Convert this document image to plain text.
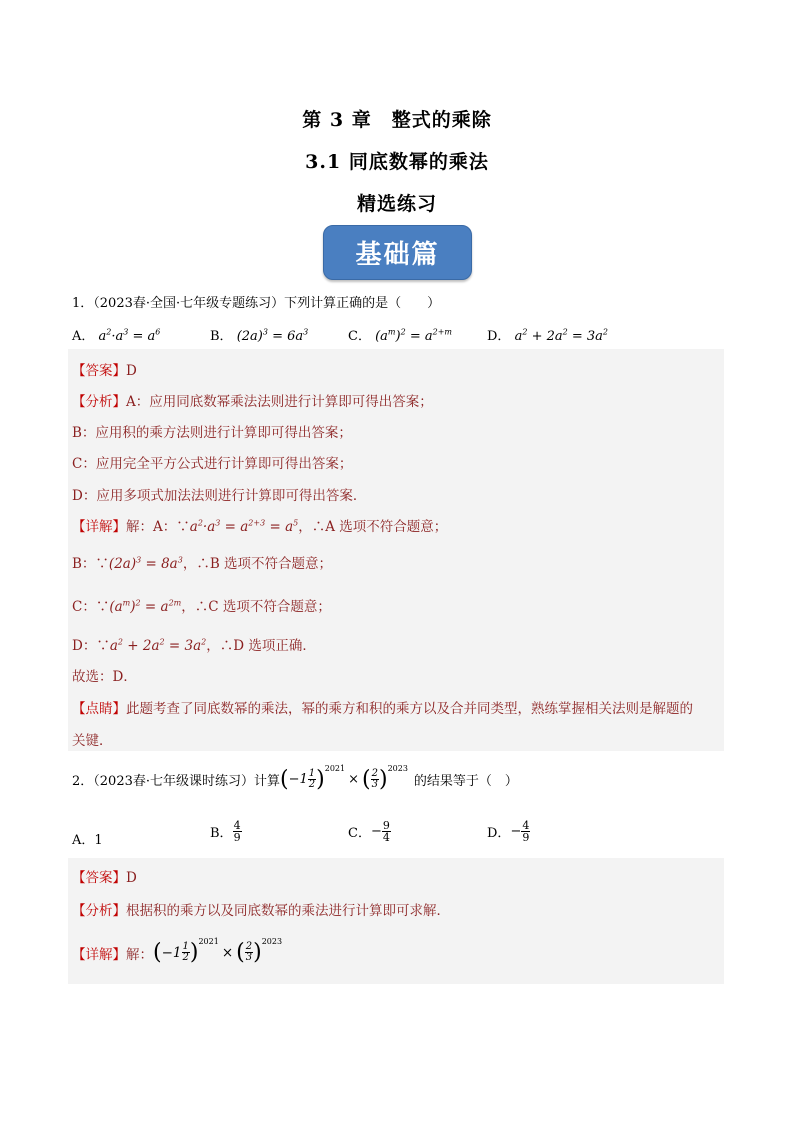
第 3 章　整式的乘除
3.1 同底数幂的乘法
精选练习
基础篇
1．（2023春·全国·七年级专题练习）下列计算正确的是（　　）
A． $a^2\cdot a^3 = a^6$	B． $(2a)^3 = 6a^3$	C． $(a^m)^2 = a^{2+m}$	D． $a^2 + 2a^2 = 3a^2$
【答案】D
【分析】A：应用同底数幂乘法法则进行计算即可得出答案；
B：应用积的乘方法则进行计算即可得出答案；
C：应用完全平方公式进行计算即可得出答案；
D：应用多项式加法法则进行计算即可得出答案．
【详解】解：A：$\because a^2\cdot a^3 = a^{2+3} = a^5$，∴A 选项不符合题意；
B：$\because(2a)^3 = 8a^3$，∴B 选项不符合题意；
C：$\because(a^m)^2 = a^{2m}$，∴C 选项不符合题意；
D：$\because a^2 + 2a^2 = 3a^2$，∴D 选项正确．
故选：D．
【点睛】此题考查了同底数幂的乘法，幂的乘方和积的乘方以及合并同类型，熟练掌握相关法则是解题的
关键．
2．（2023春·七年级课时练习）计算 ( $-1 \frac{1}{2}$ ) 2021
× ( $\frac{2}{3}$ ) 2023
的结果等于（　）
A．1	B． $\frac{4}{9}$	C． − $\frac{9}{4}$	D． − $\frac{4}{9}$
【答案】D
【分析】根据积的乘方以及同底数幂的乘法进行计算即可求解．
【详解】 解： ( $-1 \frac{1}{2}$ ) 2021
× ( $\frac{2}{3}$ ) 2023
